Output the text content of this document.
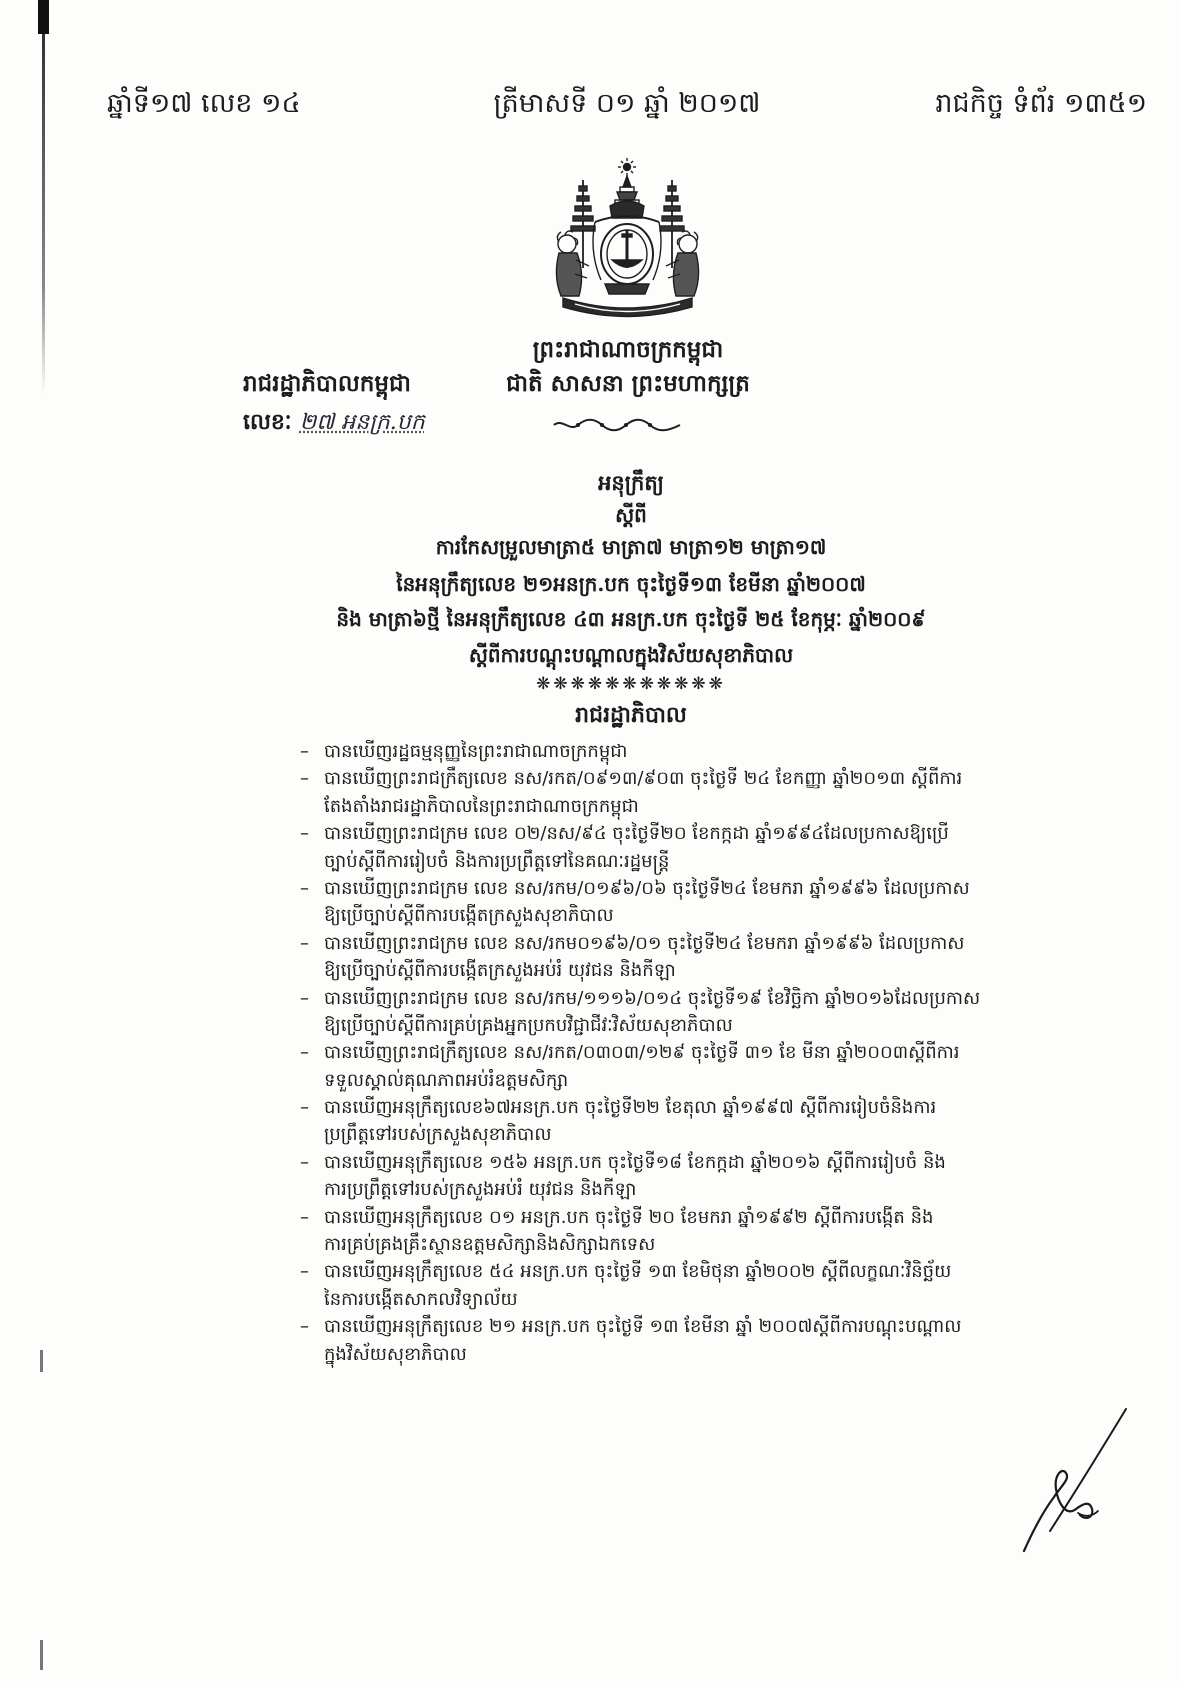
ឆ្នាំទី១៧ លេខ ១៤	ត្រីមាសទី ០១ ឆ្នាំ ២០១៧	រាជកិច្ច ទំព័រ ១៣៥១
ព្រះរាជាណាចក្រកម្ពុជា
រាជរដ្ឋាភិបាលកម្ពុជា	ជាតិ សាសនា ព្រះមហាក្សត្រ
លេខៈ ២៧ អនក្រ.បក
អនុក្រឹត្យ
ស្តីពី
ការកែសម្រួលមាត្រា៥ មាត្រា៧ មាត្រា១២ មាត្រា១៧
នៃអនុក្រឹត្យលេខ ២១អនក្រ.បក ចុះថ្ងៃទី១៣ ខែមីនា ឆ្នាំ២០០៧
និង មាត្រា៦ថ្មី នៃអនុក្រឹត្យលេខ ៤៣ អនក្រ.បក ចុះថ្ងៃទី ២៥ ខែកុម្ភៈ ឆ្នាំ២០០៩
ស្តីពីការបណ្តុះបណ្តាលក្នុងវិស័យសុខាភិបាល
❋❋❋❋❋❋❋❋❋❋❋
រាជរដ្ឋាភិបាល
– បានឃើញរដ្ឋធម្មនុញ្ញនៃព្រះរាជាណាចក្រកម្ពុជា
– បានឃើញព្រះរាជក្រឹត្យលេខ នស/រកត/០៩១៣/៩០៣ ចុះថ្ងៃទី ២៤ ខែកញ្ញា ឆ្នាំ២០១៣ ស្តីពីការ
តែងតាំងរាជរដ្ឋាភិបាលនៃព្រះរាជាណាចក្រកម្ពុជា
– បានឃើញព្រះរាជក្រម លេខ ០២/នស/៩៤ ចុះថ្ងៃទី២០ ខែកក្កដា ឆ្នាំ១៩៩៤ដែលប្រកាសឱ្យប្រើ
ច្បាប់ស្តីពីការរៀបចំ និងការប្រព្រឹត្តទៅនៃគណៈរដ្ឋមន្ត្រី
– បានឃើញព្រះរាជក្រម លេខ នស/រកម/០១៩៦/០៦ ចុះថ្ងៃទី២៤ ខែមករា ឆ្នាំ១៩៩៦ ដែលប្រកាស
ឱ្យប្រើច្បាប់ស្តីពីការបង្កើតក្រសួងសុខាភិបាល
– បានឃើញព្រះរាជក្រម លេខ នស/រកម០១៩៦/០១ ចុះថ្ងៃទី២៤ ខែមករា ឆ្នាំ១៩៩៦ ដែលប្រកាស
ឱ្យប្រើច្បាប់ស្តីពីការបង្កើតក្រសួងអប់រំ យុវជន និងកីឡា
– បានឃើញព្រះរាជក្រម លេខ នស/រកម/១១១៦/០១៤ ចុះថ្ងៃទី១៩ ខែវិច្ឆិកា ឆ្នាំ២០១៦ដែលប្រកាស
ឱ្យប្រើច្បាប់ស្តីពីការគ្រប់គ្រងអ្នកប្រកបវិជ្ជាជីវៈវិស័យសុខាភិបាល
– បានឃើញព្រះរាជក្រឹត្យលេខ នស/រកត/០៣០៣/១២៩ ចុះថ្ងៃទី ៣១ ខែ មីនា ឆ្នាំ២០០៣ស្តីពីការ
ទទួលស្គាល់គុណភាពអប់រំឧត្តមសិក្សា
– បានឃើញអនុក្រឹត្យលេខ៦៧អនក្រ.បក ចុះថ្ងៃទី២២ ខែតុលា ឆ្នាំ១៩៩៧ ស្តីពីការរៀបចំនិងការ
ប្រព្រឹត្តទៅរបស់ក្រសួងសុខាភិបាល
– បានឃើញអនុក្រឹត្យលេខ ១៥៦ អនក្រ.បក ចុះថ្ងៃទី១៨ ខែកក្កដា ឆ្នាំ២០១៦ ស្តីពីការរៀបចំ និង
ការប្រព្រឹត្តទៅរបស់ក្រសួងអប់រំ យុវជន និងកីឡា
– បានឃើញអនុក្រឹត្យលេខ ០១ អនក្រ.បក ចុះថ្ងៃទី ២០ ខែមករា ឆ្នាំ១៩៩២ ស្តីពីការបង្កើត និង
ការគ្រប់គ្រងគ្រឹះស្ថានឧត្តមសិក្សានិងសិក្សាឯកទេស
– បានឃើញអនុក្រឹត្យលេខ ៥៤ អនក្រ.បក ចុះថ្ងៃទី ១៣ ខែមិថុនា ឆ្នាំ២០០២ ស្តីពីលក្ខណៈវិនិច្ឆ័យ
នៃការបង្កើតសាកលវិទ្យាល័យ
– បានឃើញអនុក្រឹត្យលេខ ២១ អនក្រ.បក ចុះថ្ងៃទី ១៣ ខែមីនា ឆ្នាំ ២០០៧ស្តីពីការបណ្តុះបណ្តាល
ក្នុងវិស័យសុខាភិបាល
